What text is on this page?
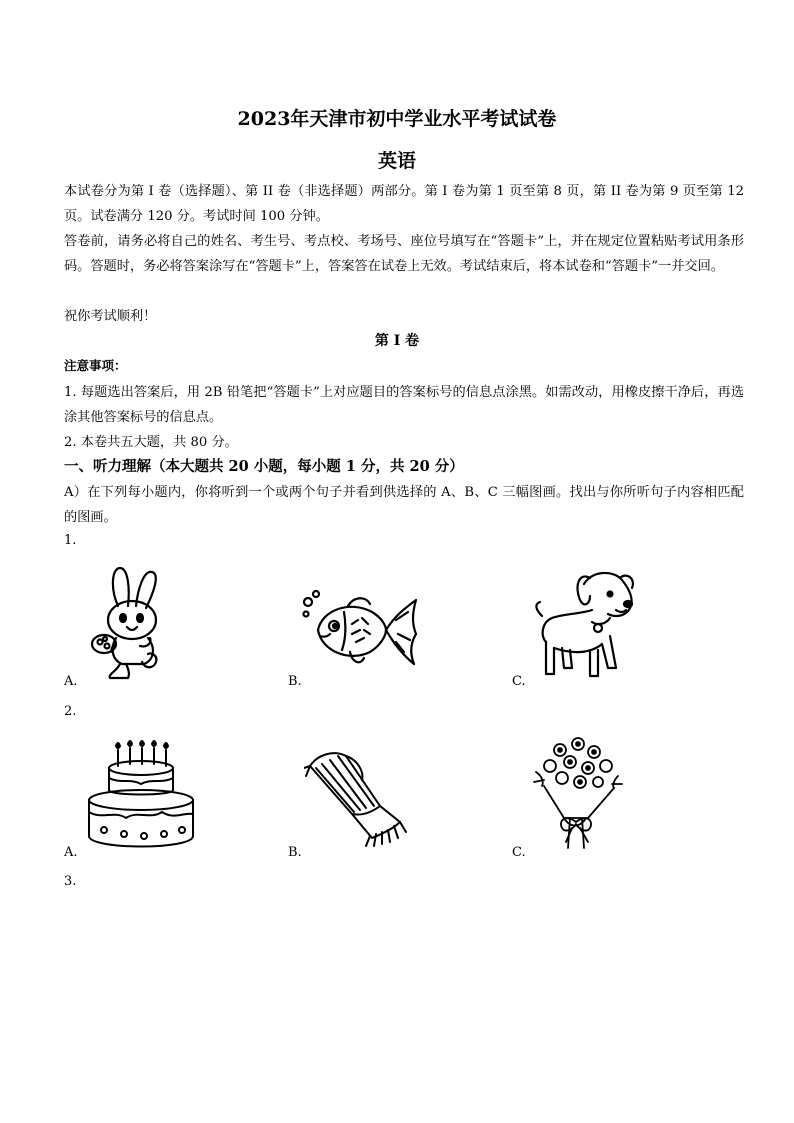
2023年天津市初中学业水平考试试卷
英语
本试卷分为第 I 卷（选择题）、第 II 卷（非选择题）两部分。第 I 卷为第 1 页至第 8 页，第 II 卷为第 9 页至第 12 页。试卷满分 120 分。考试时间 100 分钟。
答卷前，请务必将自己的姓名、考生号、考点校、考场号、座位号填写在“答题卡”上，并在规定位置粘贴考试用条形码。答题时，务必将答案涂写在“答题卡”上，答案答在试卷上无效。考试结束后，将本试卷和“答题卡”一并交回。
祝你考试顺利！
第 I 卷
注意事项：
1. 每题选出答案后，用 2B 铅笔把“答题卡”上对应题目的答案标号的信息点涂黑。如需改动，用橡皮擦干净后，再选涂其他答案标号的信息点。
2. 本卷共五大题，共 80 分。
一、听力理解（本大题共 20 小题，每小题 1 分，共 20 分）
A）在下列每小题内，你将听到一个或两个句子并看到供选择的 A、B、C 三幅图画。找出与你所听句子内容相匹配的图画。
1.
A.	B.	C.
2.
A.	B.	C.
3.
